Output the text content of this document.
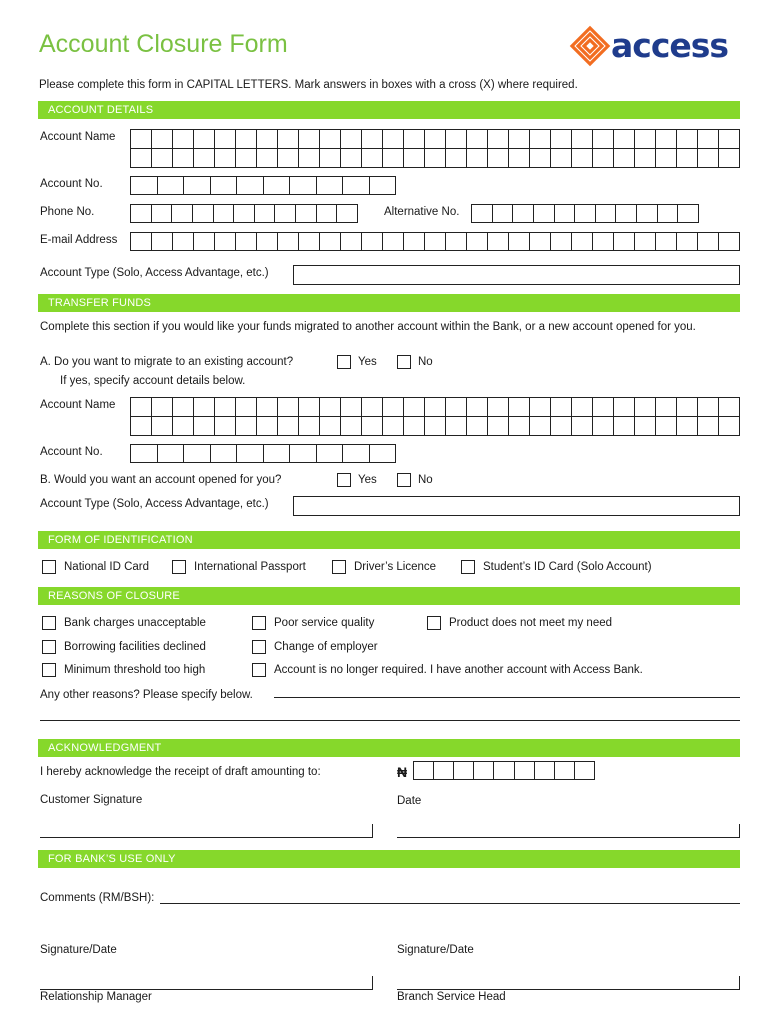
Account Closure Form	access
Please complete this form in CAPITAL LETTERS. Mark answers in boxes with a cross (X) where required.
ACCOUNT DETAILS
Account Name
Account No.
Phone No.	Alternative No.
E-mail Address
Account Type (Solo, Access Advantage, etc.)
TRANSFER FUNDS
Complete this section if you would like your funds migrated to another account within the Bank, or a new account opened for you.
A. Do you want to migrate to an existing account?	Yes	No
If yes, specify account details below.
Account Name
Account No.
B. Would you want an account opened for you?	Yes	No
Account Type (Solo, Access Advantage, etc.)
FORM OF IDENTIFICATION
National ID Card	International Passport	Driver’s Licence	Student’s ID Card (Solo Account)
REASONS OF CLOSURE
Bank charges unacceptable	Poor service quality	Product does not meet my need
Borrowing facilities declined	Change of employer
Minimum threshold too high	Account is no longer required. I have another account with Access Bank.
Any other reasons? Please specify below.
ACKNOWLEDGMENT
I hereby acknowledge the receipt of draft amounting to:	₦
Customer Signature	Date
FOR BANK’S USE ONLY
Comments (RM/BSH):
Signature/Date	Signature/Date
Relationship Manager	Branch Service Head
